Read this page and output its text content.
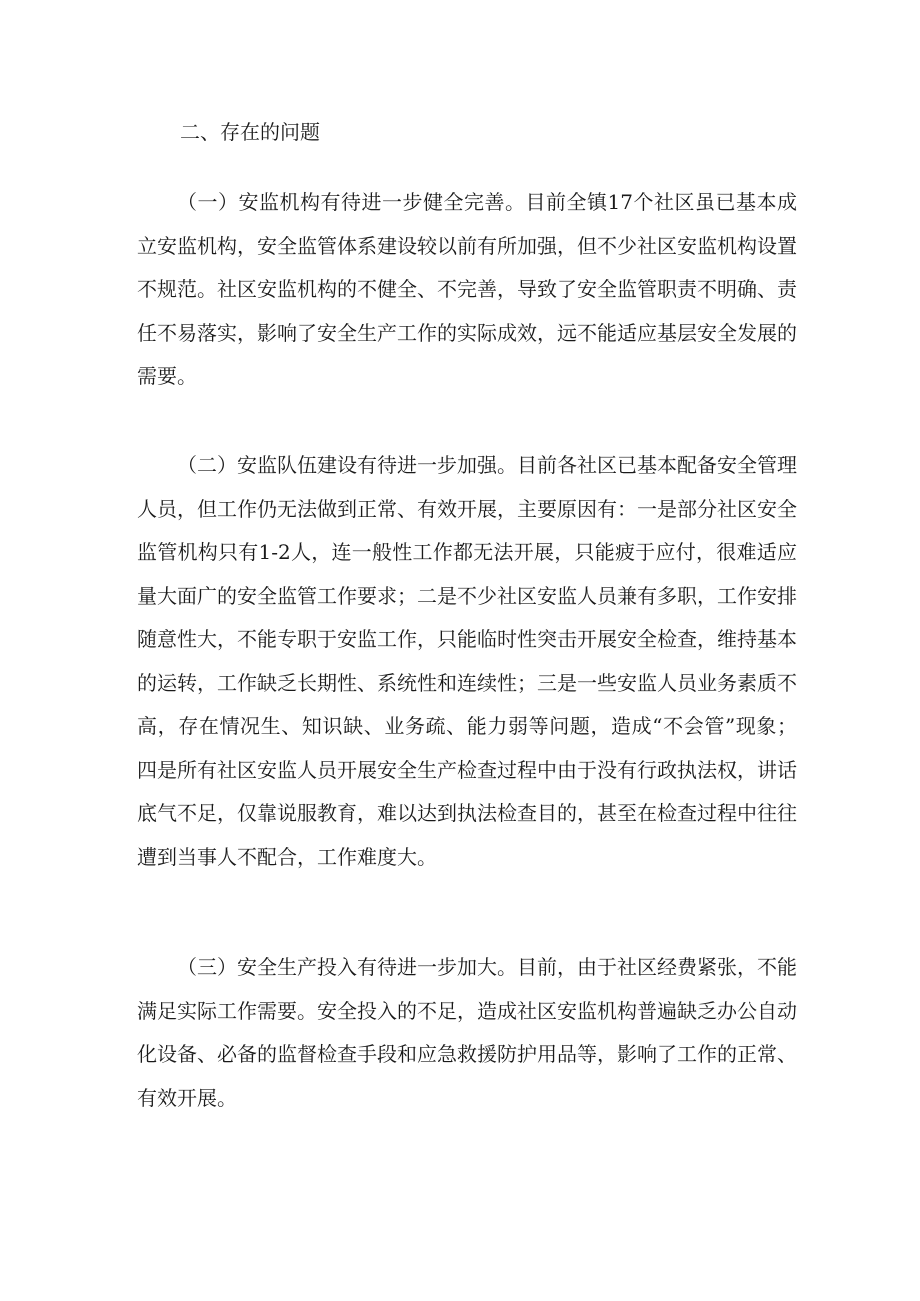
二、存在的问题

（一）安监机构有待进一步健全完善。目前全镇17个社区虽已基本成立安监机构，安全监管体系建设较以前有所加强，但不少社区安监机构设置不规范。社区安监机构的不健全、不完善，导致了安全监管职责不明确、责任不易落实，影响了安全生产工作的实际成效，远不能适应基层安全发展的需要。

（二）安监队伍建设有待进一步加强。目前各社区已基本配备安全管理人员，但工作仍无法做到正常、有效开展，主要原因有：一是部分社区安全监管机构只有1-2人，连一般性工作都无法开展，只能疲于应付，很难适应量大面广的安全监管工作要求；二是不少社区安监人员兼有多职，工作安排随意性大，不能专职于安监工作，只能临时性突击开展安全检查，维持基本的运转，工作缺乏长期性、系统性和连续性；三是一些安监人员业务素质不高，存在情况生、知识缺、业务疏、能力弱等问题，造成“不会管”现象；四是所有社区安监人员开展安全生产检查过程中由于没有行政执法权，讲话底气不足，仅靠说服教育，难以达到执法检查目的，甚至在检查过程中往往遭到当事人不配合，工作难度大。

（三）安全生产投入有待进一步加大。目前，由于社区经费紧张，不能满足实际工作需要。安全投入的不足，造成社区安监机构普遍缺乏办公自动化设备、必备的监督检查手段和应急救援防护用品等，影响了工作的正常、有效开展。
